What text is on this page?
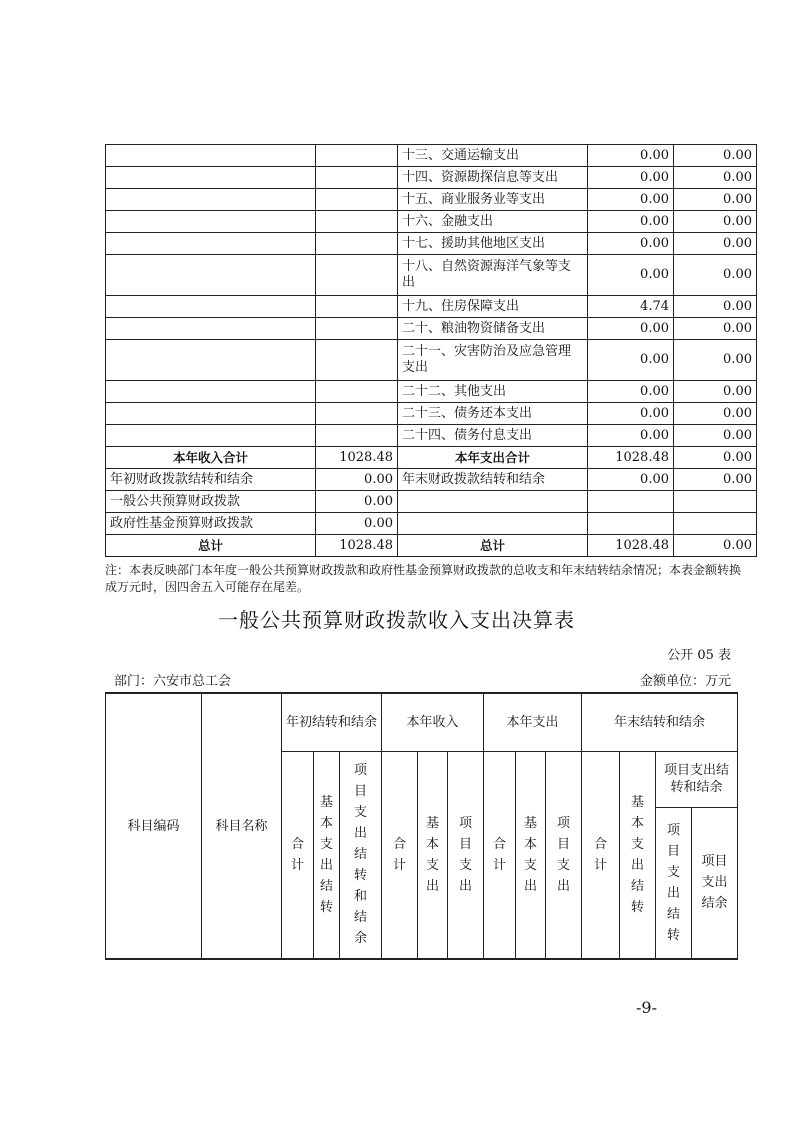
		十三、交通运输支出	0.00	0.00
		十四、资源勘探信息等支出	0.00	0.00
		十五、商业服务业等支出	0.00	0.00
		十六、金融支出	0.00	0.00
		十七、援助其他地区支出	0.00	0.00
		十八、自然资源海洋气象等支出	0.00	0.00
		十九、住房保障支出	4.74	0.00
		二十、粮油物资储备支出	0.00	0.00
		二十一、灾害防治及应急管理支出	0.00	0.00
		二十二、其他支出	0.00	0.00
		二十三、债务还本支出	0.00	0.00
		二十四、债务付息支出	0.00	0.00
本年收入合计	1028.48	本年支出合计	1028.48	0.00
年初财政拨款结转和结余	0.00	年末财政拨款结转和结余	0.00	0.00
一般公共预算财政拨款	0.00			
政府性基金预算财政拨款	0.00			
总计	1028.48	总计	1028.48	0.00
注：本表反映部门本年度一般公共预算财政拨款和政府性基金预算财政拨款的总收支和年末结转结余情况；本表金额转换成万元时，因四舍五入可能存在尾差。
一般公共预算财政拨款收入支出决算表
公开 05 表
部门：六安市总工会	金额单位：万元
科目编码	科目名称	年初结转和结余			本年收入			本年支出			年末结转和结余			
		合计	基本支出结转	项目支出结转和结余	合计	基本支出	项目支出	合计	基本支出	项目支出	合计	基本支出结转	项目支出结转和结余	
													项目支出结转	项目支出结余
-9-
